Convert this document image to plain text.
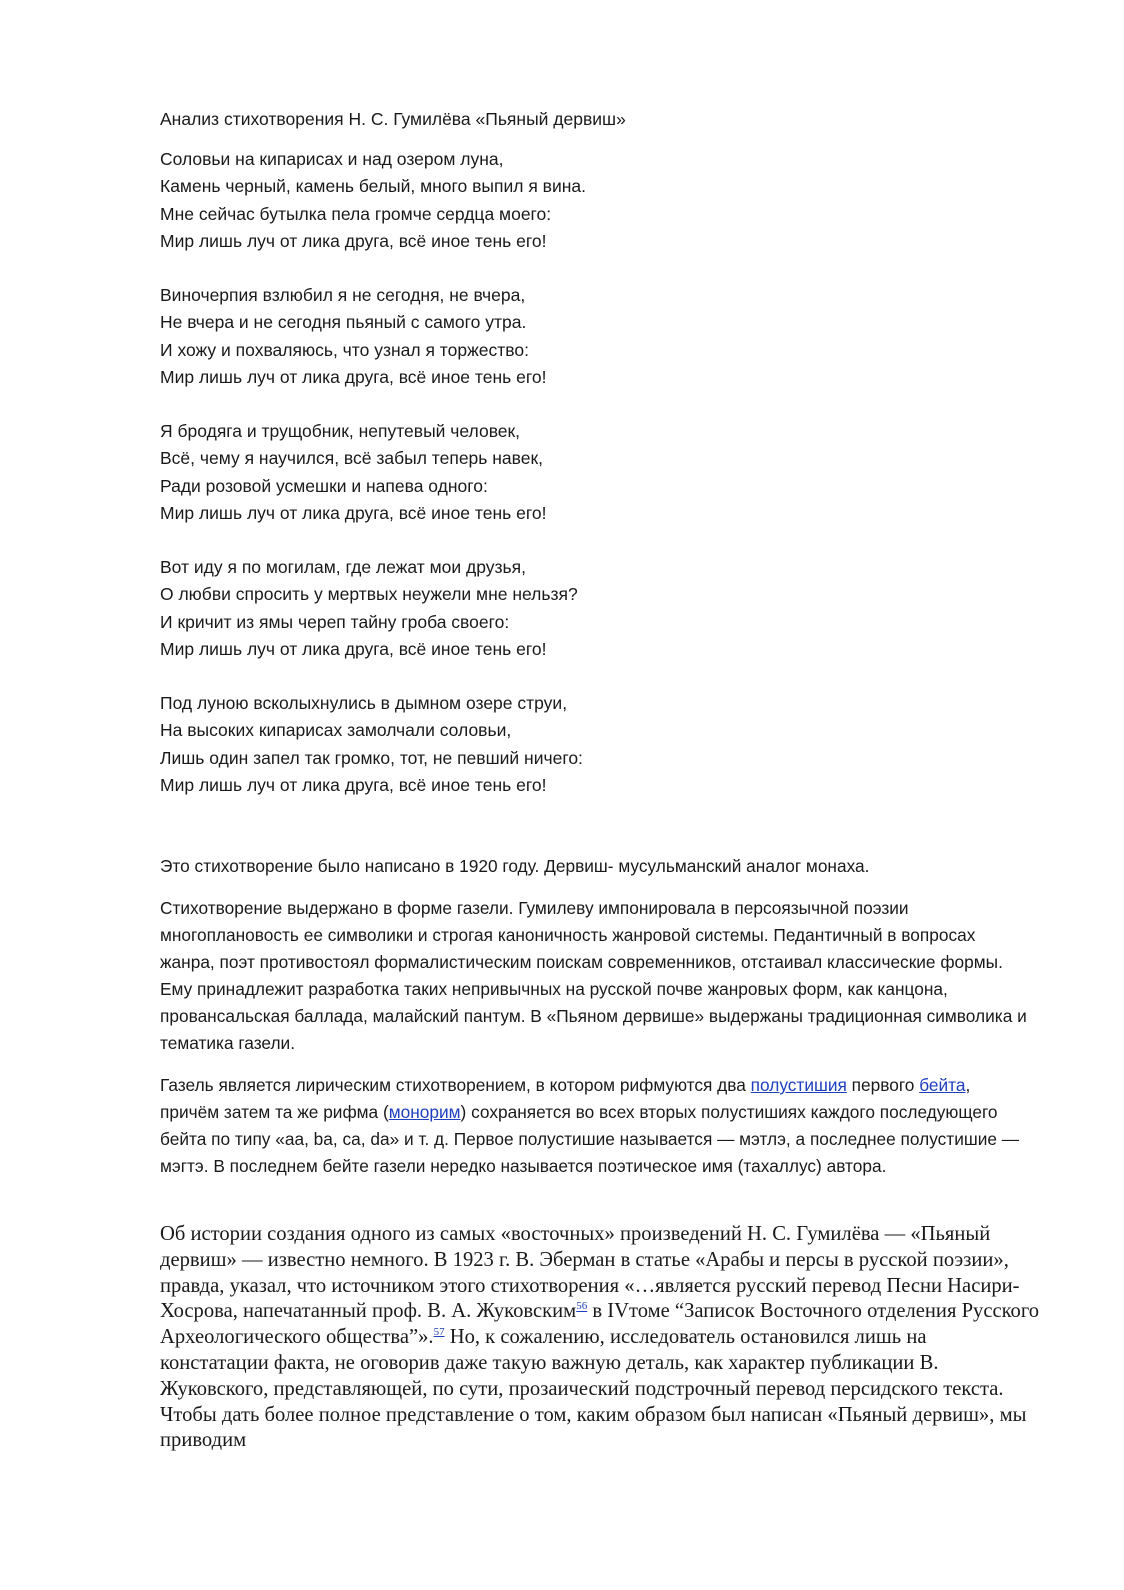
Анализ стихотворения Н. С. Гумилёва «Пьяный дервиш»
Соловьи на кипарисах и над озером луна,
Камень черный, камень белый, много выпил я вина.
Мне сейчас бутылка пела громче сердца моего:
Мир лишь луч от лика друга, всё иное тень его!
Виночерпия взлюбил я не сегодня, не вчера,
Не вчера и не сегодня пьяный с самого утра.
И хожу и похваляюсь, что узнал я торжество:
Мир лишь луч от лика друга, всё иное тень его!
Я бродяга и трущобник, непутевый человек,
Всё, чему я научился, всё забыл теперь навек,
Ради розовой усмешки и напева одного:
Мир лишь луч от лика друга, всё иное тень его!
Вот иду я по могилам, где лежат мои друзья,
О любви спросить у мертвых неужели мне нельзя?
И кричит из ямы череп тайну гроба своего:
Мир лишь луч от лика друга, всё иное тень его!
Под луною всколыхнулись в дымном озере струи,
На высоких кипарисах замолчали соловьи,
Лишь один запел так громко, тот, не певший ничего:
Мир лишь луч от лика друга, всё иное тень его!

Это стихотворение было написано в 1920 году. Дервиш- мусульманский аналог монаха.

Стихотворение выдержано в форме газели. Гумилеву импонировала в персоязычной поэзии многоплановость ее символики и строгая каноничность жанровой системы. Педантичный в вопросах жанра, поэт противостоял формалистическим поискам современников, отстаивал классические формы. Ему принадлежит разработка таких непривычных на русской почве жанровых форм, как канцона, провансальская баллада, малайский пантум. В «Пьяном дервише» выдержаны традиционная символика и тематика газели.

Газель является лирическим стихотворением, в котором рифмуются два полустишия первого бейта, причём затем та же рифма (монорим) сохраняется во всех вторых полустишиях каждого последующего бейта по типу «aa, ba, ca, da» и т. д. Первое полустишие называется — мэтлэ, а последнее полустишие — мэгтэ. В последнем бейте газели нередко называется поэтическое имя (тахаллус) автора.

Об истории создания одного из самых «восточных» произведений Н. С. Гумилёва — «Пьяный дервиш» — известно немного. В 1923 г. В. Эберман в статье «Арабы и персы в русской поэзии», правда, указал, что источником этого стихотворения «…является русский перевод Песни Насири-Хосрова, напечатанный проф. В. А. Жуковским$^{56}$ в IVтоме “Записок Восточного отделения Русского Археологического общества”».$^{57}$ Но, к сожалению, исследователь остановился лишь на констатации факта, не оговорив даже такую важную деталь, как характер публикации В. Жуковского, представляющей, по сути, прозаический подстрочный перевод персидского текста. Чтобы дать более полное представление о том, каким образом был написан «Пьяный дервиш», мы приводим
